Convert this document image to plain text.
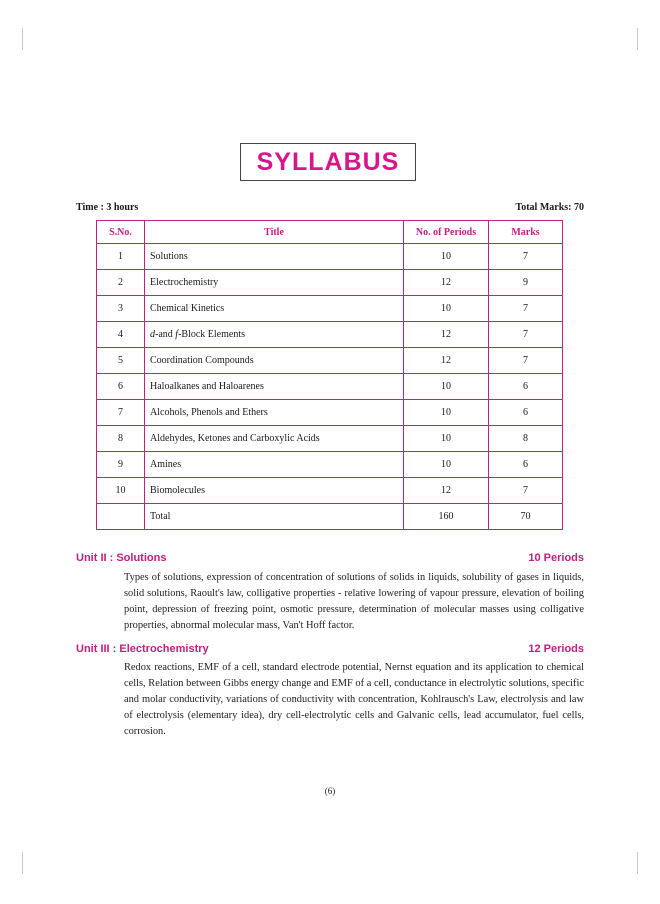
SYLLABUS
Time : 3 hours	Total Marks: 70
S.No.	Title	No. of Periods	Marks
1	Solutions	10	7
2	Electrochemistry	12	9
3	Chemical Kinetics	10	7
4	d-and f-Block Elements	12	7
5	Coordination Compounds	12	7
6	Haloalkanes and Haloarenes	10	6
7	Alcohols, Phenols and Ethers	10	6
8	Aldehydes, Ketones and Carboxylic Acids	10	8
9	Amines	10	6
10	Biomolecules	12	7
	Total	160	70
Unit II : Solutions	10 Periods
Types of solutions, expression of concentration of solutions of solids in liquids, solubility of gases in liquids, solid solutions, Raoult's law, colligative properties - relative lowering of vapour pressure, elevation of boiling point, depression of freezing point, osmotic pressure, determination of molecular masses using colligative properties, abnormal molecular mass, Van't Hoff factor.
Unit III : Electrochemistry	12 Periods
Redox reactions, EMF of a cell, standard electrode potential, Nernst equation and its application to chemical cells, Relation between Gibbs energy change and EMF of a cell, conductance in electrolytic solutions, specific and molar conductivity, variations of conductivity with concentration, Kohlrausch's Law, electrolysis and law of electrolysis (elementary idea), dry cell-electrolytic cells and Galvanic cells, lead accumulator, fuel cells, corrosion.
(6)
